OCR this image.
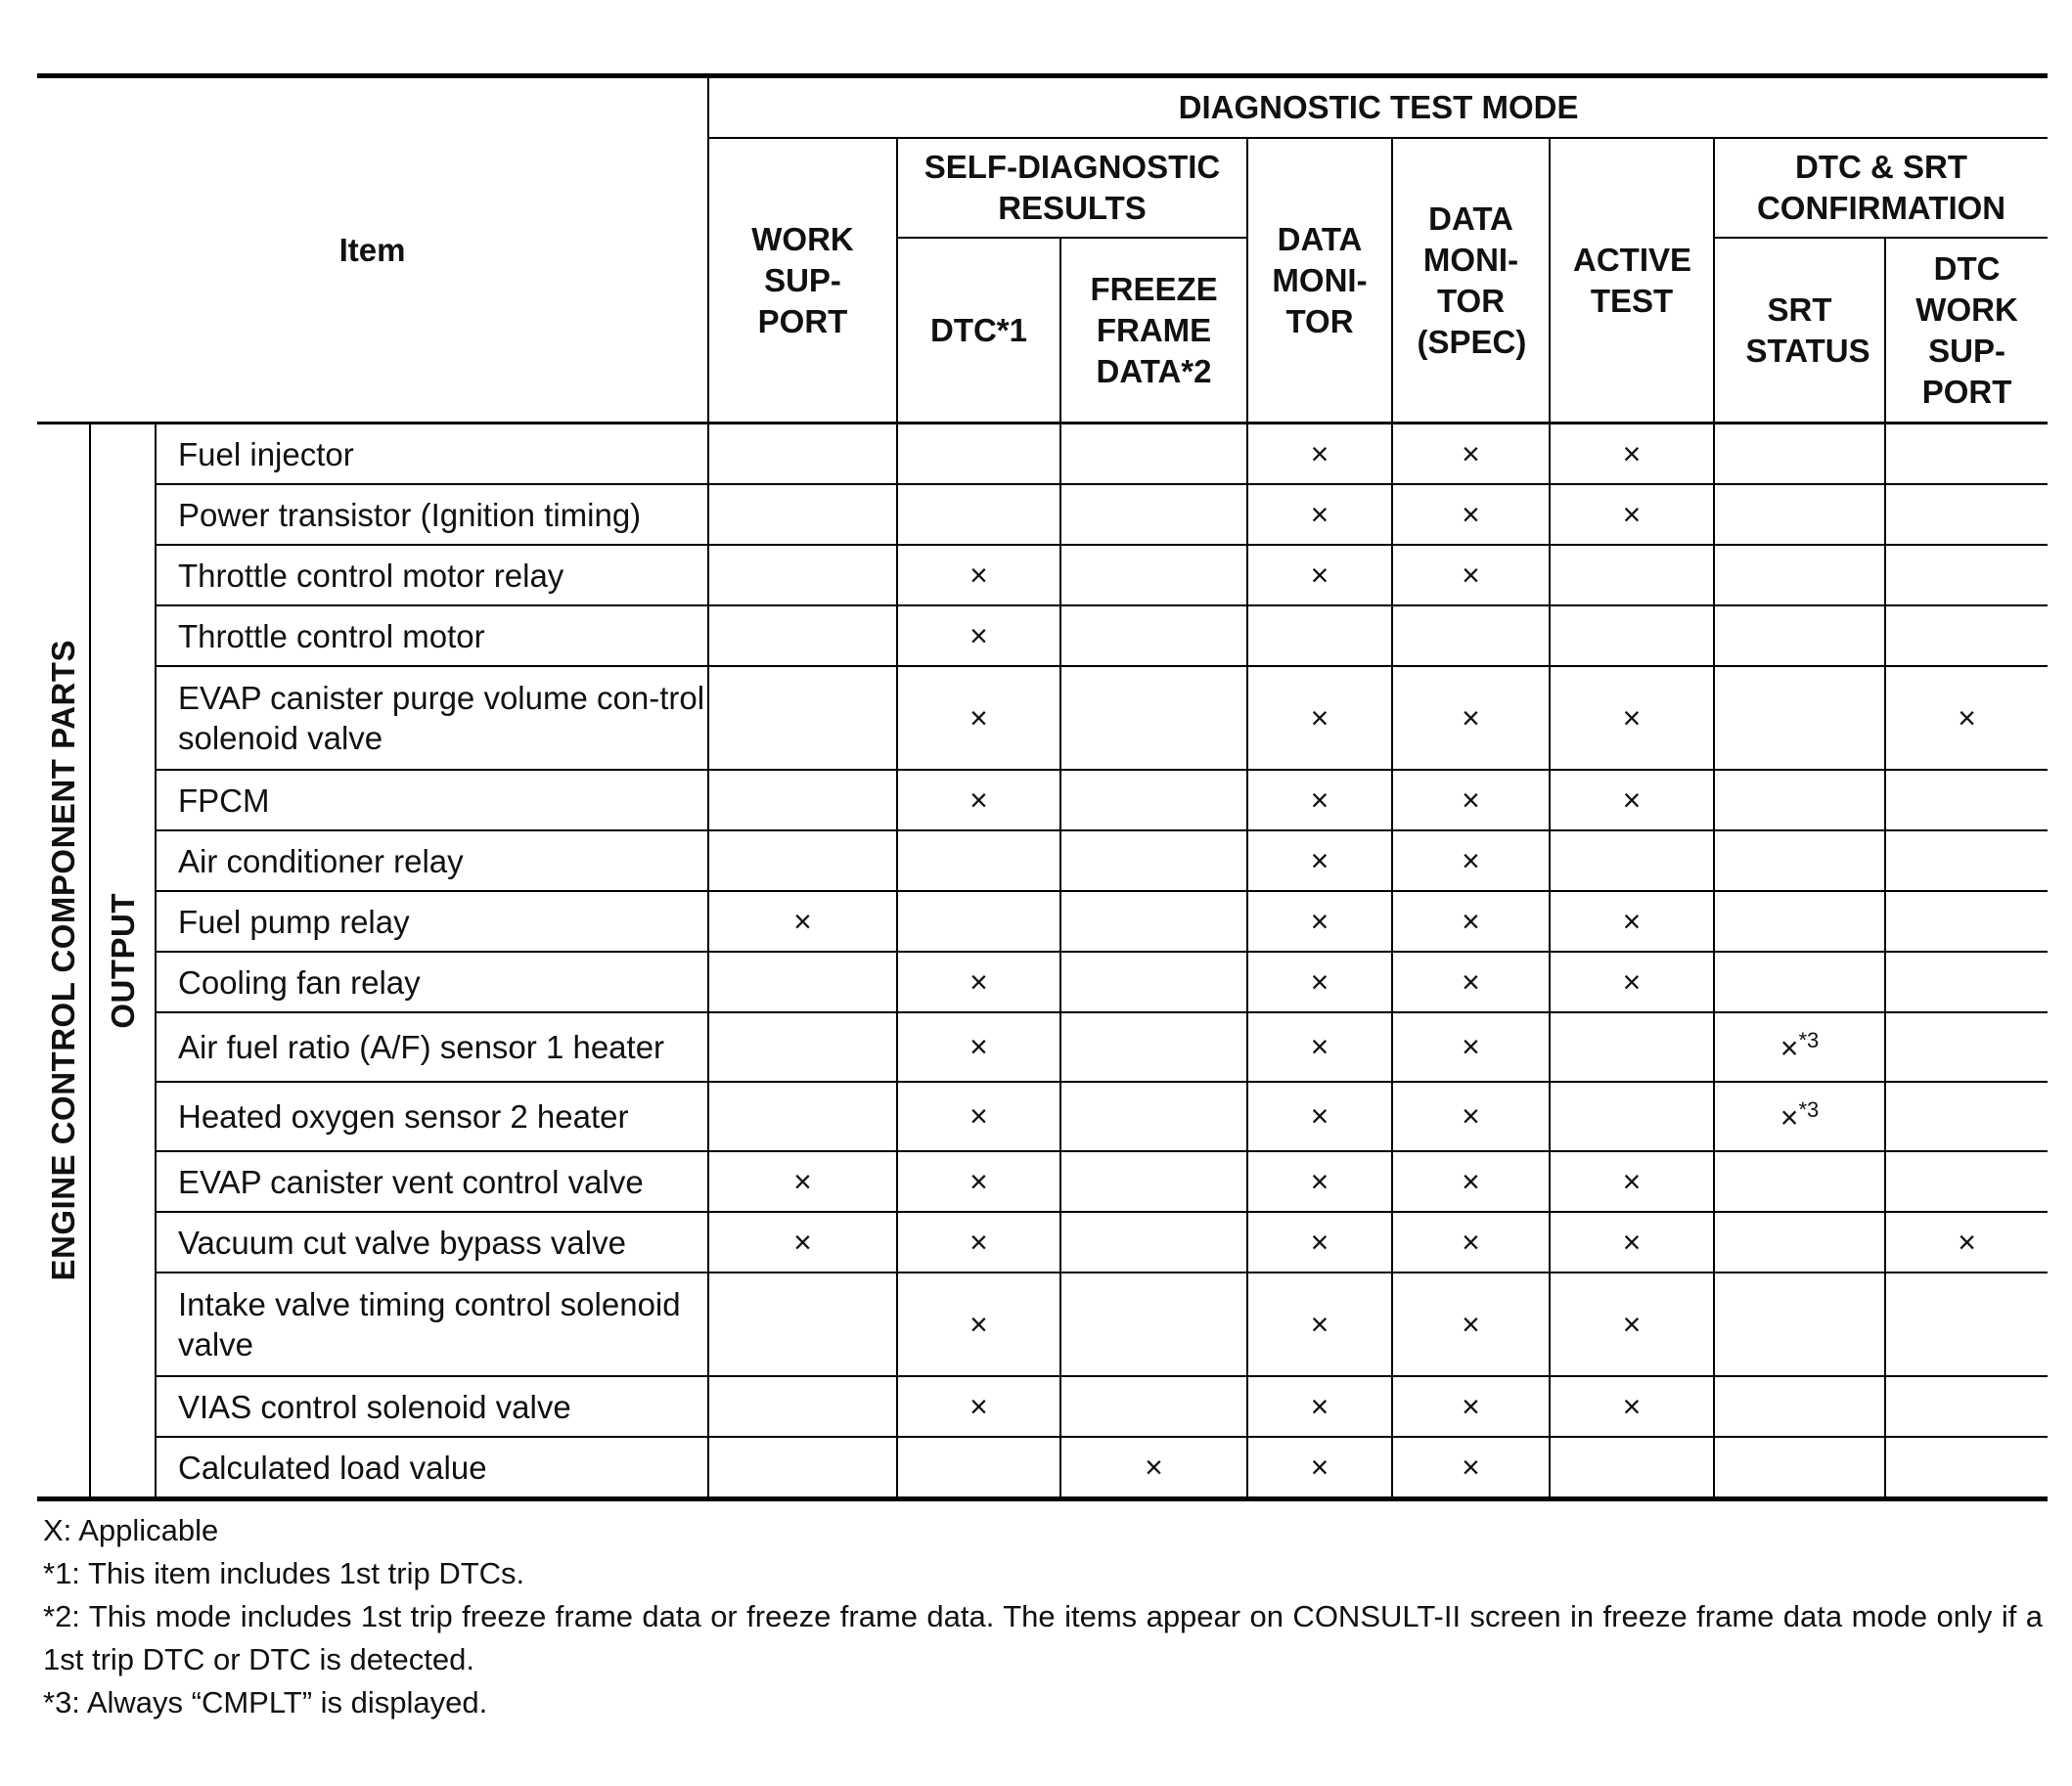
Item			DIAGNOSTIC TEST MODE							

			WORK SUP-PORT	SELF-DIAGNOSTIC RESULTS		DATA MONI-TOR	DATA MONI-TOR (SPEC)	ACTIVE TEST	DTC & SRT CONFIRMATION	

				DTC*1	FREEZE FRAME DATA*2				SRT STATUS	DTC WORK SUP-PORT

ENGINE CONTROL COMPONENT PARTS	OUTPUT	Fuel injector				×	×	×		
		Power transistor (Ignition timing)				×	×	×		
		Throttle control motor relay		×		×	×			
		Throttle control motor		×						
		EVAP canister purge volume con-trol solenoid valve		×		×	×	×		×
		FPCM		×		×	×	×		
		Air conditioner relay				×	×			
		Fuel pump relay	×			×	×	×		
		Cooling fan relay		×		×	×	×		
		Air fuel ratio (A/F) sensor 1 heater		×		×	×		×$^{*3}$	
		Heated oxygen sensor 2 heater		×		×	×		×$^{*3}$	
		EVAP canister vent control valve	×	×		×	×	×		
		Vacuum cut valve bypass valve	×	×		×	×	×		×
		Intake valve timing control solenoid valve		×		×	×	×		
		VIAS control solenoid valve		×		×	×	×		
		Calculated load value			×	×	×			
X: Applicable
*1: This item includes 1st trip DTCs.
*2: This mode includes 1st trip freeze frame data or freeze frame data. The items appear on CONSULT-II screen in freeze frame data mode only if a 1st trip DTC or DTC is detected.
*3: Always “CMPLT” is displayed.
